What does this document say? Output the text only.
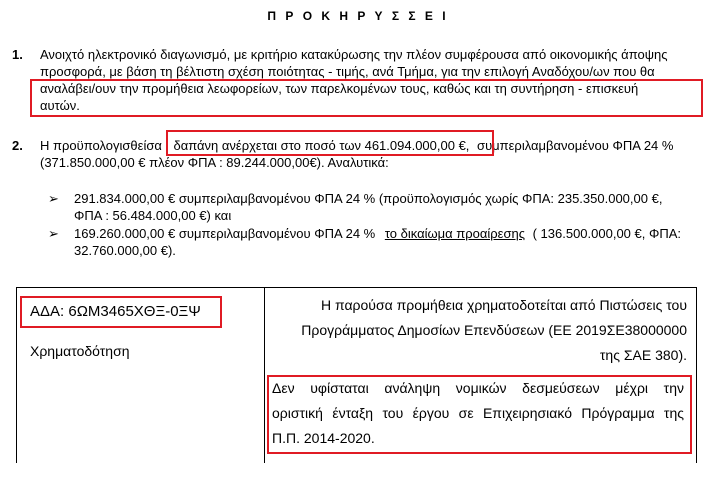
Π Ρ Ο Κ Η Ρ Υ Σ Σ Ε Ι
1. Ανοιχτό ηλεκτρονικό διαγωνισμό, με κριτήριο κατακύρωσης την πλέον συμφέρουσα από οικονομικής άποψης
προσφορά, με βάση τη βέλτιστη σχέση ποιότητας - τιμής, ανά Τμήμα, για την επιλογή Αναδόχου/ων που θα
αναλάβει/ουν την προμήθεια λεωφορείων, των παρελκομένων τους, καθώς και τη συντήρηση - επισκευή
αυτών.
2. Η προϋπολογισθείσα δαπάνη ανέρχεται στο ποσό των 461.094.000,00 €, συμπεριλαμβανομένου ΦΠΑ 24 %
(371.850.000,00 € πλέον ΦΠΑ : 89.244.000,00€). Αναλυτικά:
➢ 291.834.000,00 € συμπεριλαμβανομένου ΦΠΑ 24 % (προϋπολογισμός χωρίς ΦΠΑ: 235.350.000,00 €,
ΦΠΑ : 56.484.000,00 €) και
➢ 169.260.000,00 € συμπεριλαμβανομένου ΦΠΑ 24 % το δικαίωμα προαίρεσης ( 136.500.000,00 €, ΦΠΑ:
32.760.000,00 €).
ΑΔΑ: 6ΩΜ3465ΧΘΞ-0ΞΨ
Χρηματοδότηση
Η παρούσα προμήθεια χρηματοδοτείται από Πιστώσεις του
Προγράμματος Δημοσίων Επενδύσεων (ΕΕ 2019ΣΕ38000000
της ΣΑΕ 380).
Δεν υφίσταται ανάληψη νομικών δεσμεύσεων μέχρι την
οριστική ένταξη του έργου σε Επιχειρησιακό Πρόγραμμα της
Π.Π. 2014-2020.
